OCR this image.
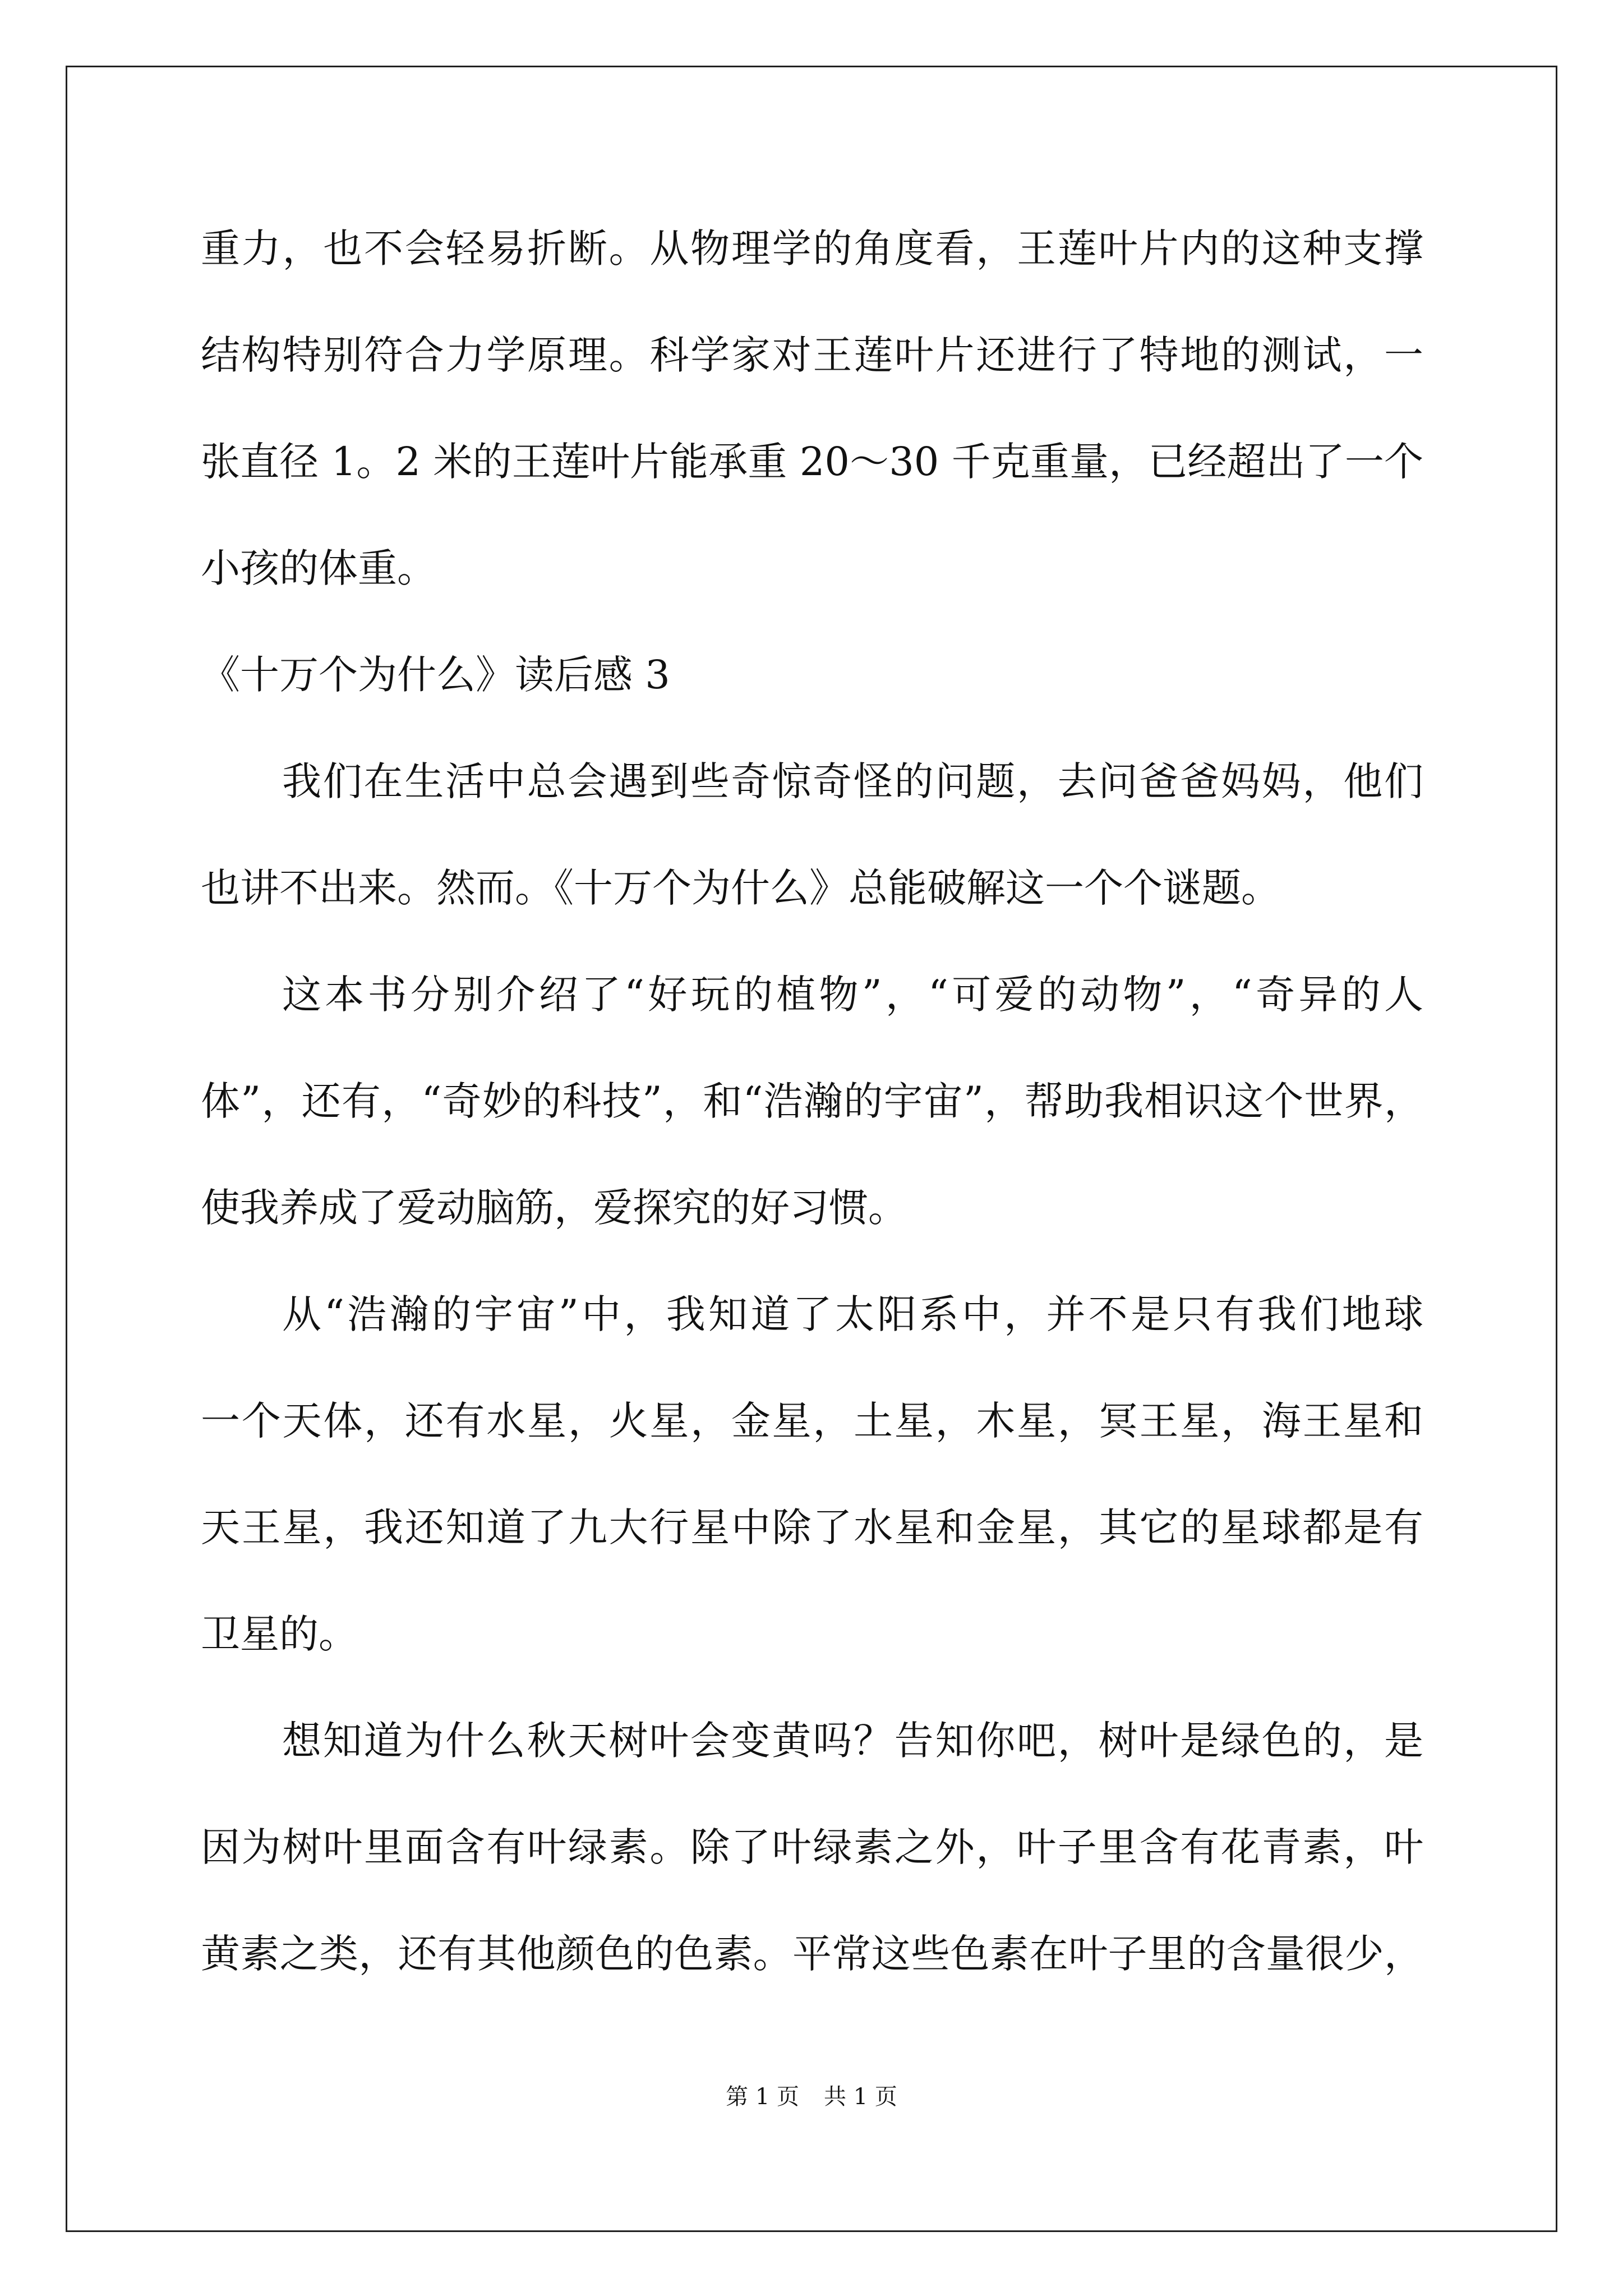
重力，也不会轻易折断。从物理学的角度看，王莲叶片内的这种支撑
结构特别符合力学原理。科学家对王莲叶片还进行了特地的测试，一
张直径 1。2 米的王莲叶片能承重 20～30 千克重量，已经超出了一个
小孩的体重。
《十万个为什么》读后感 3
我们在生活中总会遇到些奇惊奇怪的问题，去问爸爸妈妈，他们
也讲不出来。然而。《十万个为什么》总能破解这一个个谜题。
这本书分别介绍了“好玩的植物”，“可爱的动物”，“奇异的人
体”，还有，“奇妙的科技”，和“浩瀚的宇宙”，帮助我相识这个世界，
使我养成了爱动脑筋，爱探究的好习惯。
从“浩瀚的宇宙”中，我知道了太阳系中，并不是只有我们地球
一个天体，还有水星，火星，金星，土星，木星，冥王星，海王星和
天王星，我还知道了九大行星中除了水星和金星，其它的星球都是有
卫星的。
想知道为什么秋天树叶会变黄吗？告知你吧，树叶是绿色的，是
因为树叶里面含有叶绿素。除了叶绿素之外，叶子里含有花青素，叶
黄素之类，还有其他颜色的色素。平常这些色素在叶子里的含量很少，
第 1 页 共 1 页
